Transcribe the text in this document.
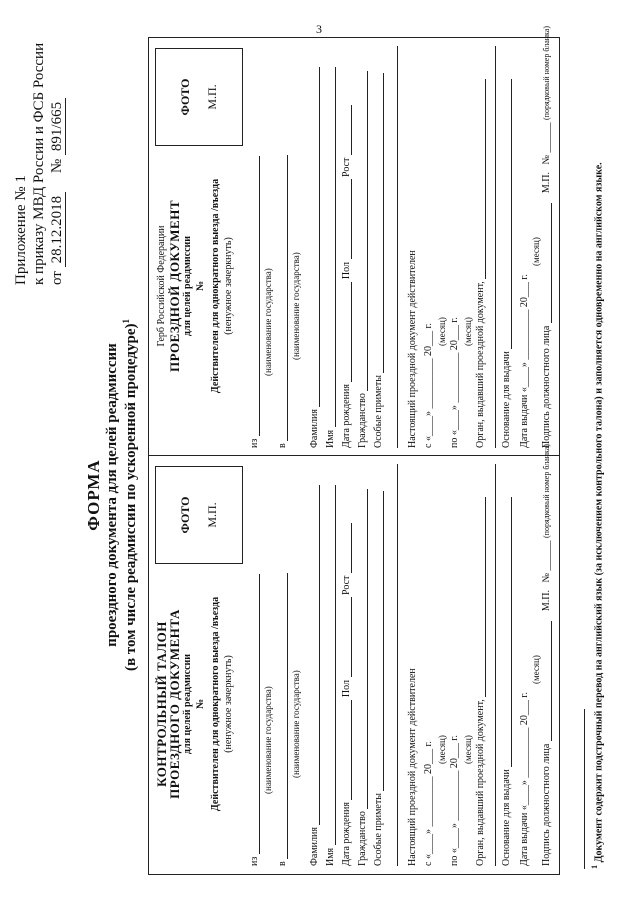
3
Приложение № 1 к приказу МВД России и ФСБ России от 28.12.2018     № 891/665
ФОРМА проездного документа для целей реадмиссии (в том числе реадмиссии по ускоренной процедуре)$^1$
КОНТРОЛЬНЫЙ ТАЛОН
ПРОЕЗДНОГО ДОКУМЕНТА для целей реадмиссии № Действителен для однократного выезда /въезда (ненужное зачеркнуть)
ФОТО М.П.
из
(наименование государства)
в
(наименование государства)
Фамилия Имя Дата рождения  Пол  Рост
Гражданство Особые приметы Настоящий проездной документ действителен с «____» __________ 20___ г. (месяц) по «____» __________ 20___ г. (месяц) Орган, выдавший проездной документ, Основание для выдачи Дата выдачи «____» __________ 20___ г.
(месяц)
Подпись должностного лица     М.П.   № ______ (порядковый номер бланка)
Герб Российской Федерации ПРОЕЗДНОЙ ДОКУМЕНТ для целей реадмиссии № Действителен для однократного выезда /въезда (ненужное зачеркнуть)
ФОТО М.П.
из
(наименование государства)
в
(наименование государства)
Фамилия Имя Дата рождения  Пол  Рост
Гражданство Особые приметы Настоящий проездной документ действителен с «____» __________ 20___ г. (месяц) по «____» __________ 20___ г. (месяц) Орган, выдавший проездной документ, Основание для выдачи Дата выдачи «____» __________ 20___ г.
(месяц)
Подпись должностного лица     М.П.   № ______ (порядковый номер бланка)
$^1$ Документ содержит подстрочный перевод на английский язык (за исключением контрольного талона) и заполняется одновременно на английском языке.
